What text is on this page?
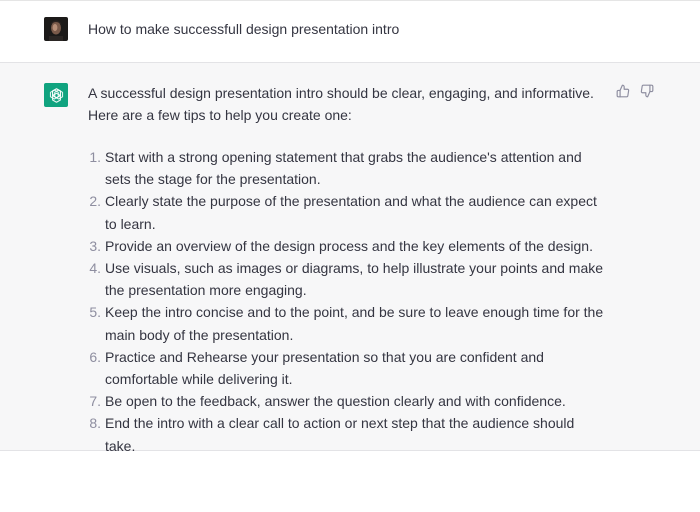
How to make successfull design presentation intro

A successful design presentation intro should be clear, engaging, and informative. Here are a few tips to help you create one:

1. Start with a strong opening statement that grabs the audience's attention and sets the stage for the presentation.
2. Clearly state the purpose of the presentation and what the audience can expect to learn.
3. Provide an overview of the design process and the key elements of the design.
4. Use visuals, such as images or diagrams, to help illustrate your points and make the presentation more engaging.
5. Keep the intro concise and to the point, and be sure to leave enough time for the main body of the presentation.
6. Practice and Rehearse your presentation so that you are confident and comfortable while delivering it.
7. Be open to the feedback, answer the question clearly and with confidence.
8. End the intro with a clear call to action or next step that the audience should take.
